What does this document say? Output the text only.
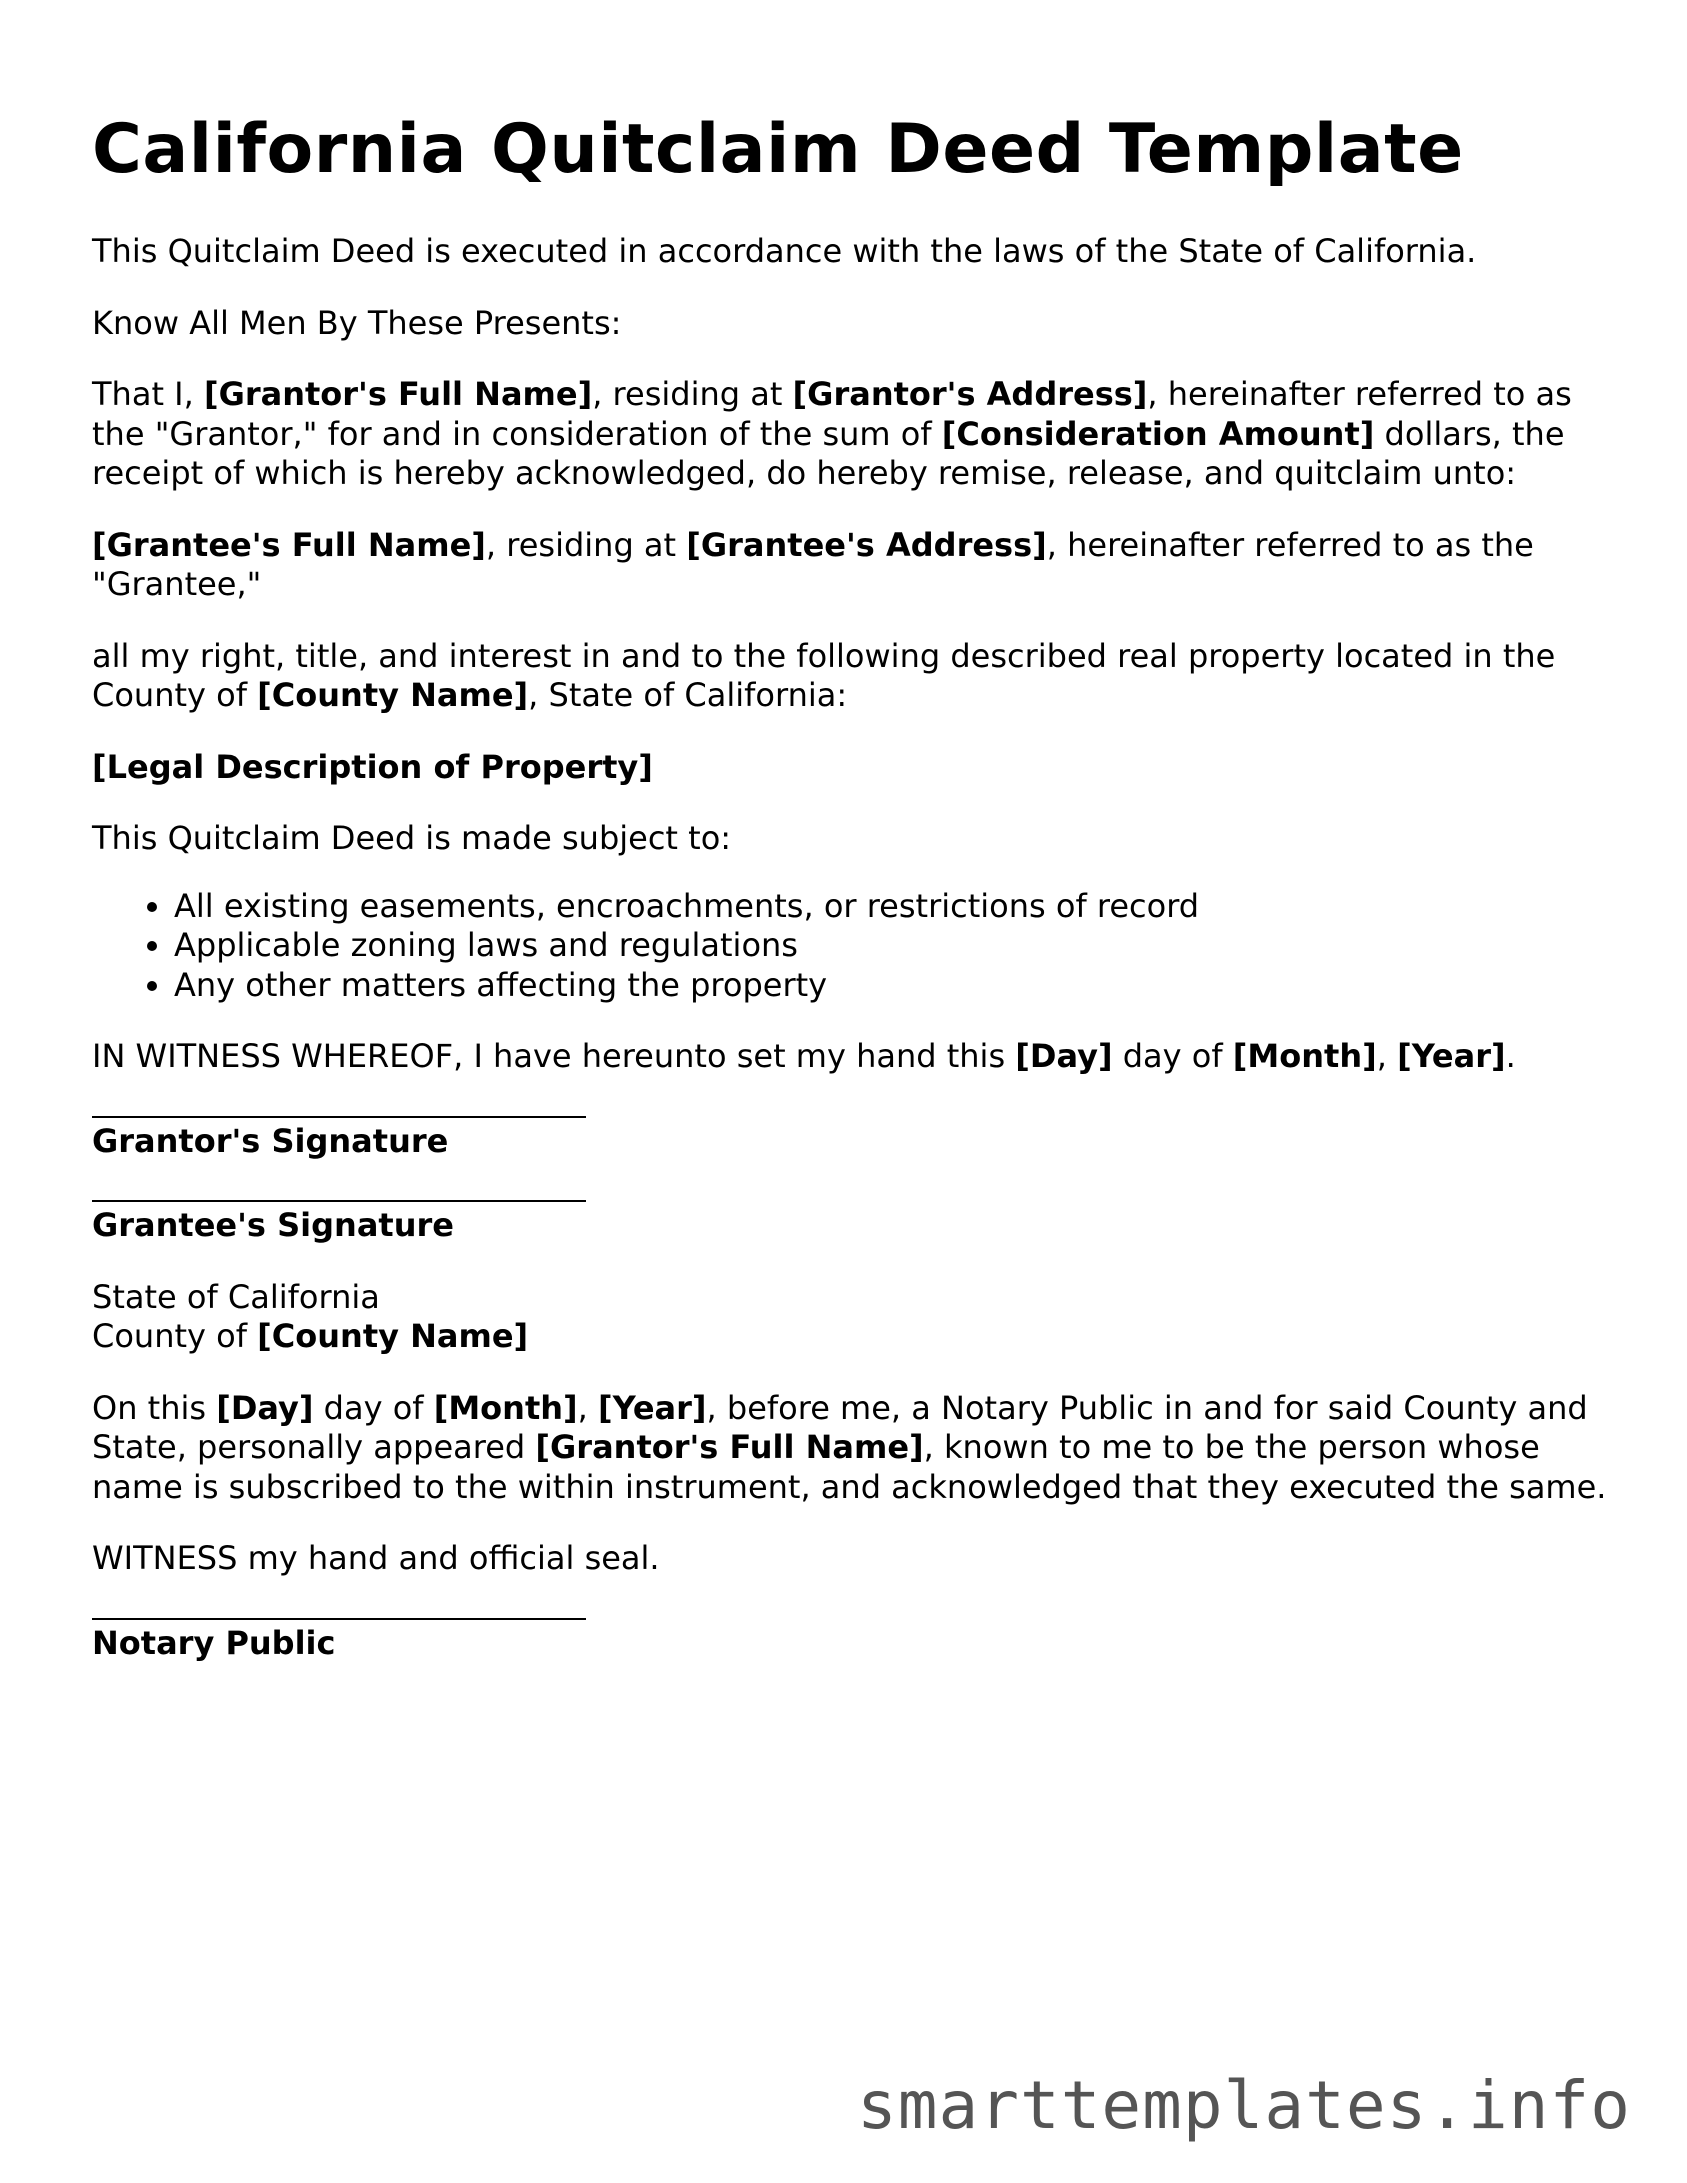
California Quitclaim Deed Template

This Quitclaim Deed is executed in accordance with the laws of the State of California.

Know All Men By These Presents:

That I, [Grantor's Full Name], residing at [Grantor's Address], hereinafter referred to as the "Grantor," for and in consideration of the sum of [Consideration Amount] dollars, the receipt of which is hereby acknowledged, do hereby remise, release, and quitclaim unto:

[Grantee's Full Name], residing at [Grantee's Address], hereinafter referred to as the "Grantee,"

all my right, title, and interest in and to the following described real property located in the County of [County Name], State of California:

[Legal Description of Property]

This Quitclaim Deed is made subject to:

• All existing easements, encroachments, or restrictions of record
• Applicable zoning laws and regulations
• Any other matters affecting the property

IN WITNESS WHEREOF, I have hereunto set my hand this [Day] day of [Month], [Year].

Grantor's Signature
Grantee's Signature

State of California
County of [County Name]

On this [Day] day of [Month], [Year], before me, a Notary Public in and for said County and State, personally appeared [Grantor's Full Name], known to me to be the person whose name is subscribed to the within instrument, and acknowledged that they executed the same.

WITNESS my hand and official seal.

Notary Public
smarttemplates.info
